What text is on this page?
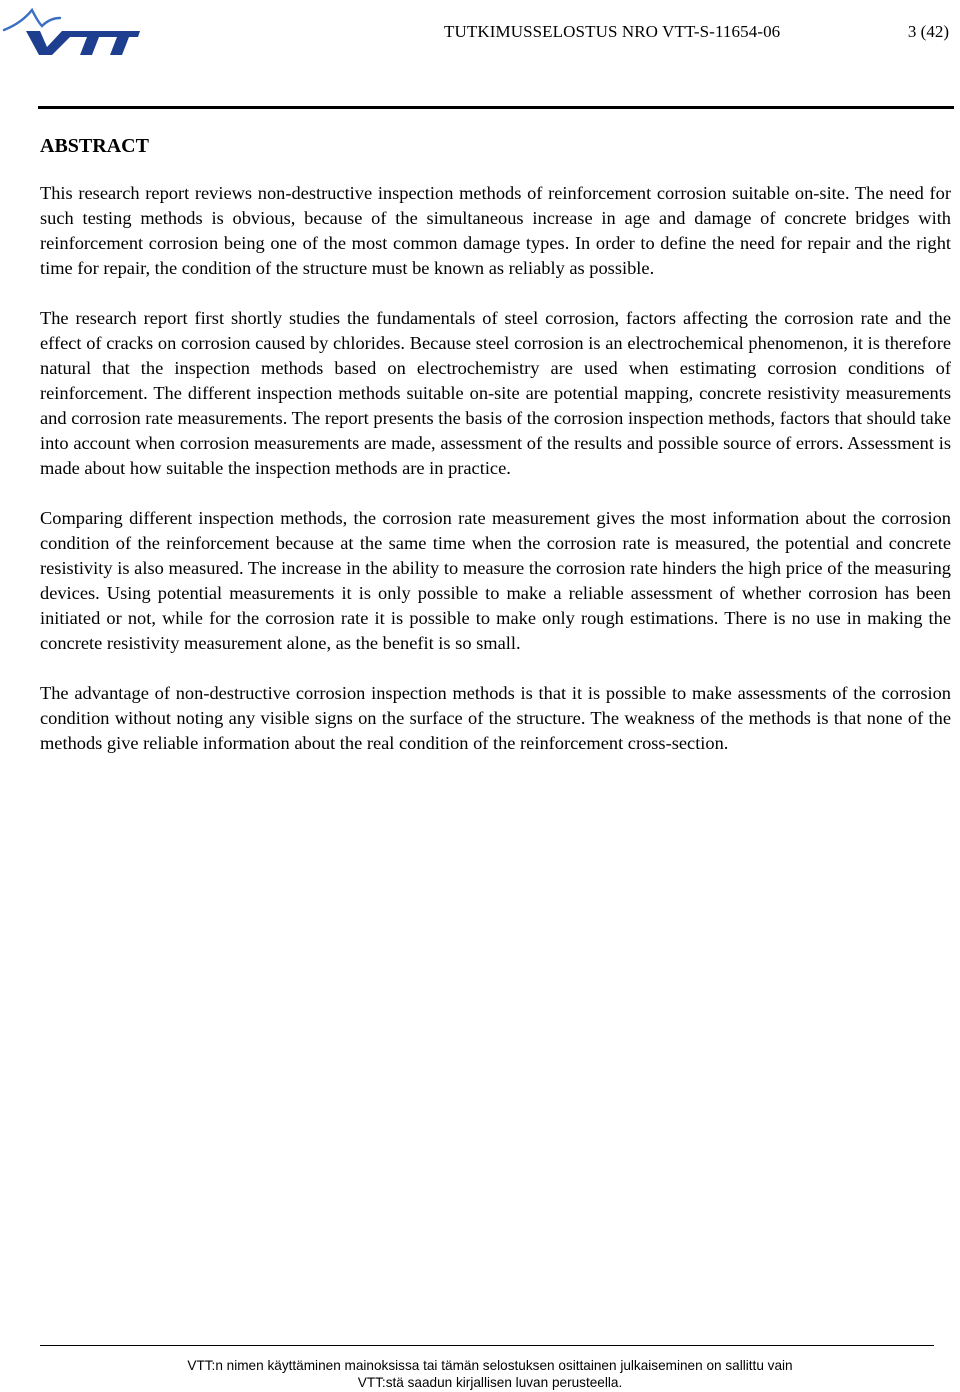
TUTKIMUSSELOSTUS NRO VTT-S-11654-06	3 (42)
ABSTRACT

This research report reviews non-destructive inspection methods of reinforcement corrosion suitable on-site. The need for such testing methods is obvious, because of the simultaneous increase in age and damage of concrete bridges with reinforcement corrosion being one of the most common damage types. In order to define the need for repair and the right time for repair, the condition of the structure must be known as reliably as possible.

The research report first shortly studies the fundamentals of steel corrosion, factors affecting the corrosion rate and the effect of cracks on corrosion caused by chlorides. Because steel corrosion is an electrochemical phenomenon, it is therefore natural that the inspection methods based on electrochemistry are used when estimating corrosion conditions of reinforcement. The different inspection methods suitable on-site are potential mapping, concrete resistivity measurements and corrosion rate measurements. The report presents the basis of the corrosion inspection methods, factors that should take into account when corrosion measurements are made, assessment of the results and possible source of errors. Assessment is made about how suitable the inspection methods are in practice.

Comparing different inspection methods, the corrosion rate measurement gives the most information about the corrosion condition of the reinforcement because at the same time when the corrosion rate is measured, the potential and concrete resistivity is also measured. The increase in the ability to measure the corrosion rate hinders the high price of the measuring devices. Using potential measurements it is only possible to make a reliable assessment of whether corrosion has been initiated or not, while for the corrosion rate it is possible to make only rough estimations. There is no use in making the concrete resistivity measurement alone, as the benefit is so small.

The advantage of non-destructive corrosion inspection methods is that it is possible to make assessments of the corrosion condition without noting any visible signs on the surface of the structure. The weakness of the methods is that none of the methods give reliable information about the real condition of the reinforcement cross-section.

VTT:n nimen käyttäminen mainoksissa tai tämän selostuksen osittainen julkaiseminen on sallittu vain
VTT:stä saadun kirjallisen luvan perusteella.
